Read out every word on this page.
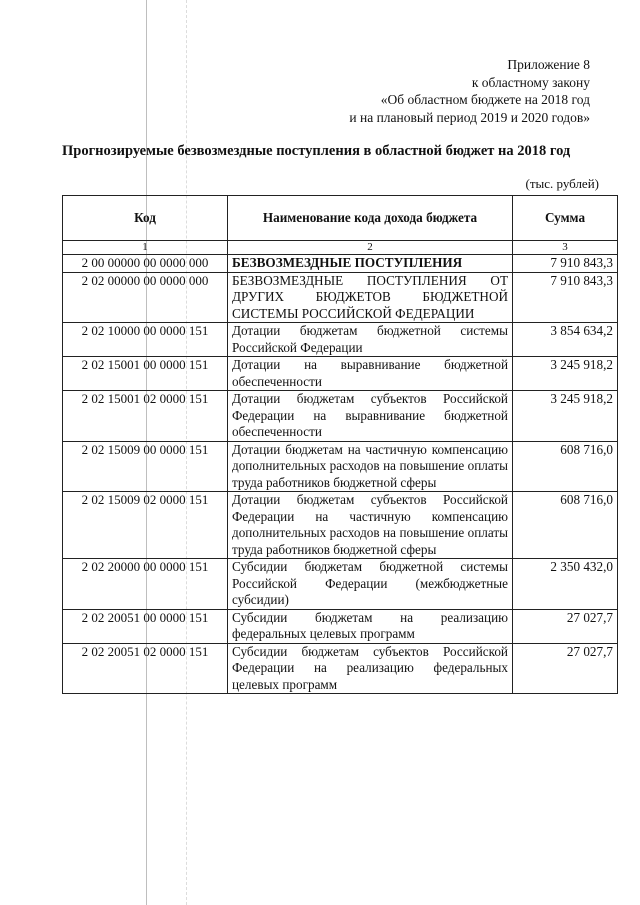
Приложение 8
к областному закону
«Об областном бюджете на 2018 год
и на плановый период 2019 и 2020 годов»
Прогнозируемые безвозмездные поступления в областной бюджет на 2018 год
(тыс. рублей)
Код	Наименование кода дохода бюджета	Сумма
1	2	3
2 00 00000 00 0000 000	БЕЗВОЗМЕЗДНЫЕ ПОСТУПЛЕНИЯ	7 910 843,3
2 02 00000 00 0000 000	БЕЗВОЗМЕЗДНЫЕ ПОСТУПЛЕНИЯ ОТ ДРУГИХ БЮДЖЕТОВ БЮДЖЕТНОЙ СИСТЕМЫ РОССИЙСКОЙ ФЕДЕРАЦИИ	7 910 843,3
2 02 10000 00 0000 151	Дотации бюджетам бюджетной системы Российской Федерации	3 854 634,2
2 02 15001 00 0000 151	Дотации на выравнивание бюджетной обеспеченности	3 245 918,2
2 02 15001 02 0000 151	Дотации бюджетам субъектов Российской Федерации на выравнивание бюджетной обеспеченности	3 245 918,2
2 02 15009 00 0000 151	Дотации бюджетам на частичную компенсацию дополнительных расходов на повышение оплаты труда работников бюджетной сферы	608 716,0
2 02 15009 02 0000 151	Дотации бюджетам субъектов Российской Федерации на частичную компенсацию дополнительных расходов на повышение оплаты труда работников бюджетной сферы	608 716,0
2 02 20000 00 0000 151	Субсидии бюджетам бюджетной системы Российской Федерации (межбюджетные субсидии)	2 350 432,0
2 02 20051 00 0000 151	Субсидии бюджетам на реализацию федеральных целевых программ	27 027,7
2 02 20051 02 0000 151	Субсидии бюджетам субъектов Российской Федерации на реализацию федеральных целевых программ	27 027,7
